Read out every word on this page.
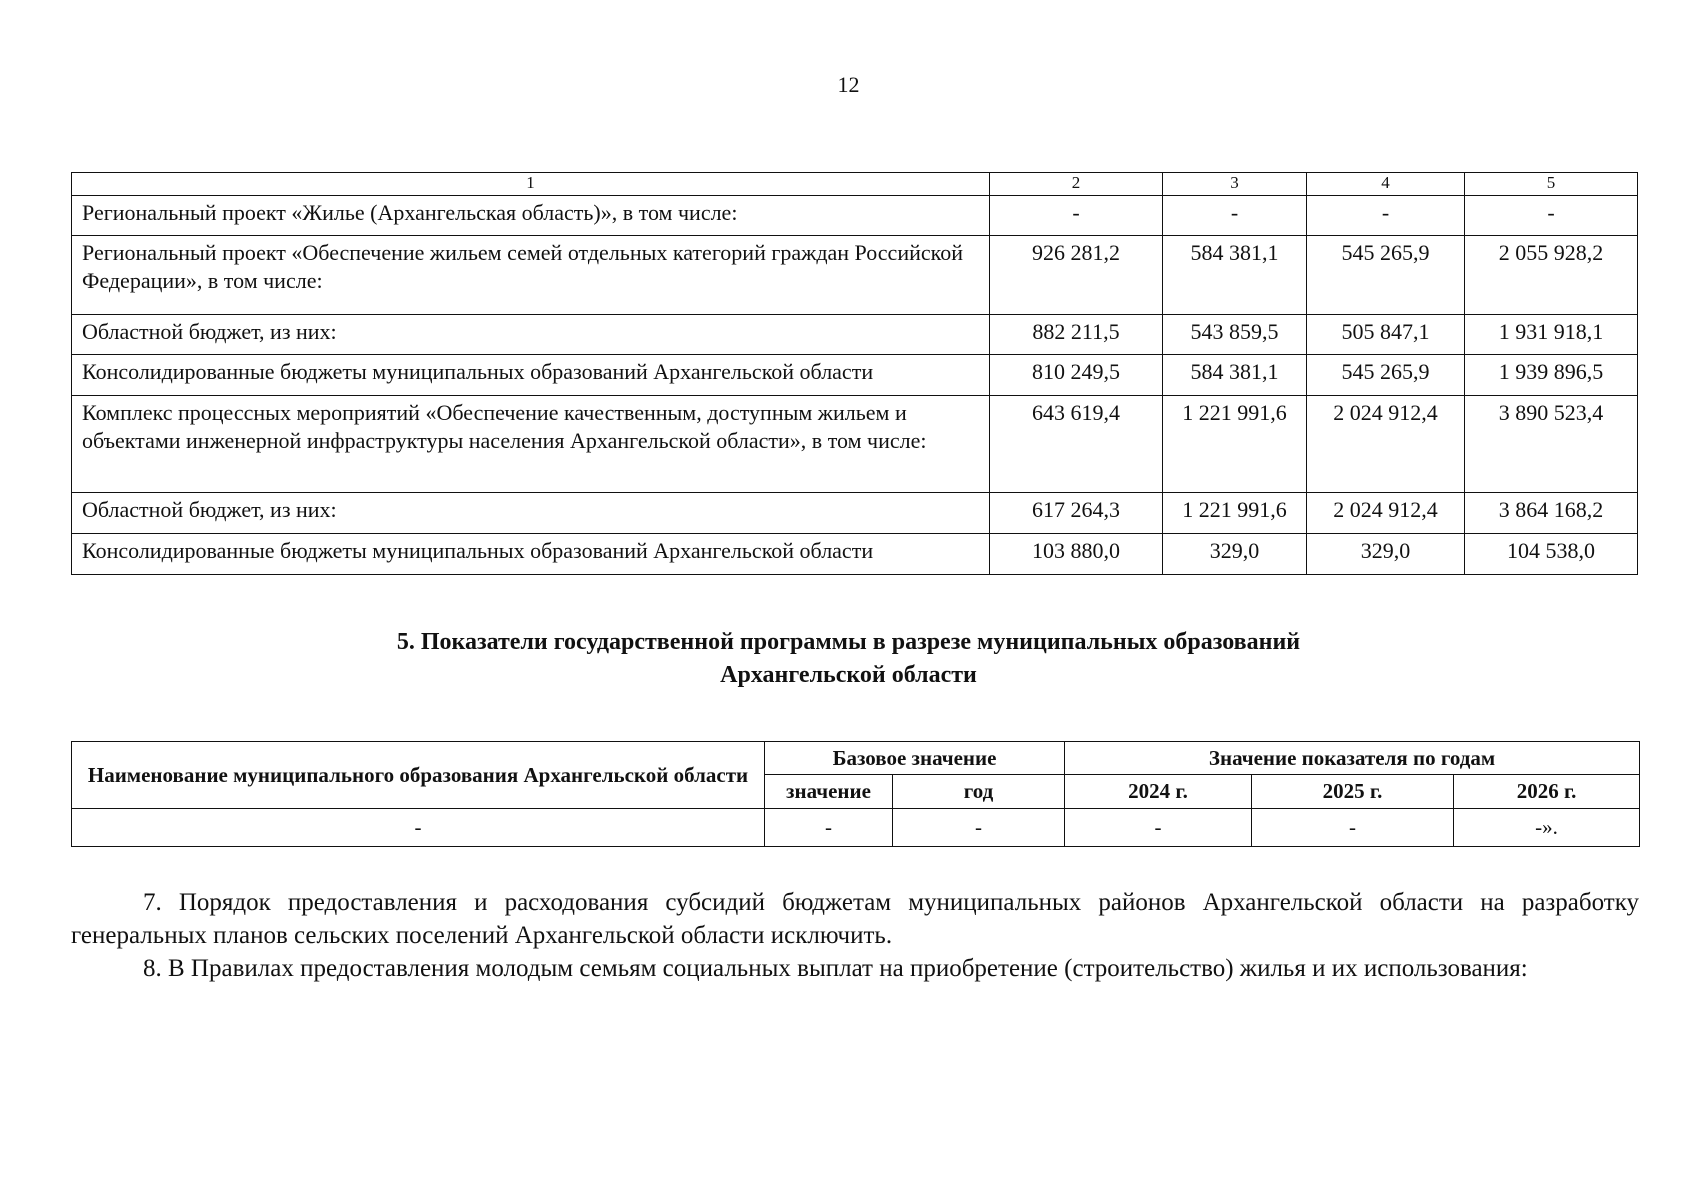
12
1	2	3	4	5
Региональный проект «Жилье (Архангельская область)», в том числе:	-	-	-	-
Региональный проект «Обеспечение жильем семей отдельных категорий граждан Российской Федерации», в том числе:	926 281,2	584 381,1	545 265,9	2 055 928,2
Областной бюджет, из них:	882 211,5	543 859,5	505 847,1	1 931 918,1
Консолидированные бюджеты муниципальных образований Архангельской области	810 249,5	584 381,1	545 265,9	1 939 896,5
Комплекс процессных мероприятий «Обеспечение качественным, доступным жильем и объектами инженерной инфраструктуры населения Архангельской области», в том числе:	643 619,4	1 221 991,6	2 024 912,4	3 890 523,4
Областной бюджет, из них:	617 264,3	1 221 991,6	2 024 912,4	3 864 168,2
Консолидированные бюджеты муниципальных образований Архангельской области	103 880,0	329,0	329,0	104 538,0
5. Показатели государственной программы в разрезе муниципальных образований
Архангельской области
Наименование муниципального образования Архангельской области	Базовое значение		Значение показателя по годам		
	значение	год	2024 г.	2025 г.	2026 г.
-	-	-	-	-	-».

7. Порядок предоставления и расходования субсидий бюджетам муниципальных районов Архангельской области на разработку генеральных планов сельских поселений Архангельской области исключить.

8. В Правилах предоставления молодым семьям социальных выплат на приобретение (строительство) жилья и их использования:
